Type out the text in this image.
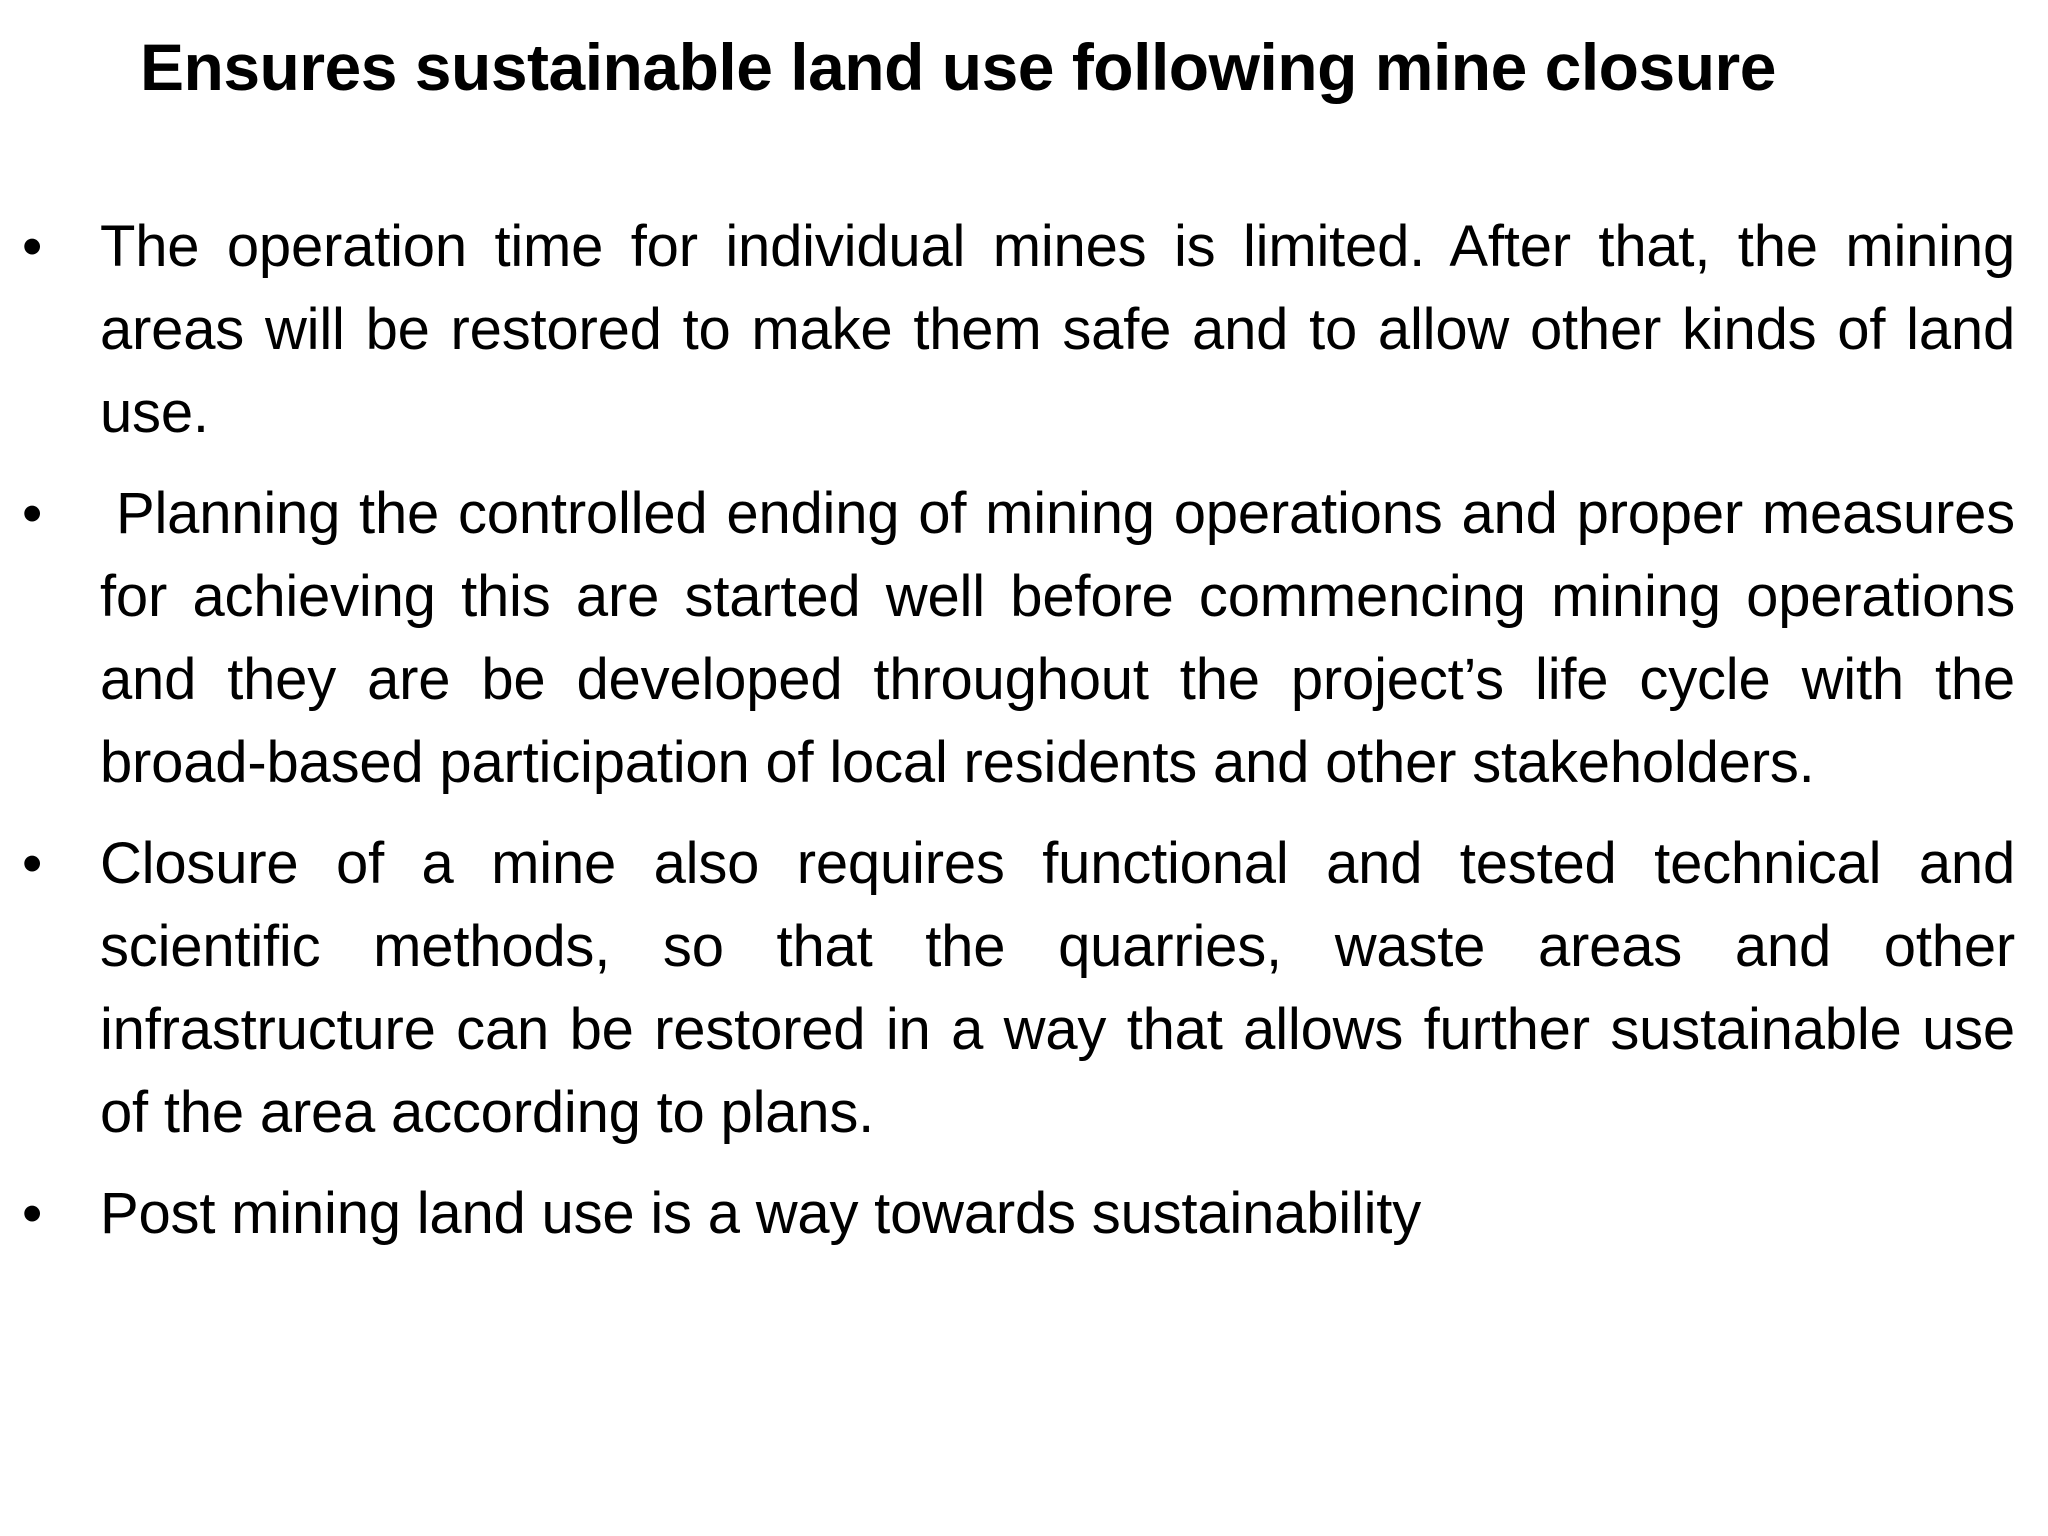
Ensures sustainable land use following mine closure
• The operation time for individual mines is limited. After that, the mining areas will be restored to make them safe and to allow other kinds of land use.
• Planning the controlled ending of mining operations and proper measures for achieving this are started well before commencing mining operations and they are be developed throughout the project’s life cycle with the broad-based participation of local residents and other stakeholders.
• Closure of a mine also requires functional and tested technical and scientific methods, so that the quarries, waste areas and other infrastructure can be restored in a way that allows further sustainable use of the area according to plans.
• Post mining land use is a way towards sustainability
